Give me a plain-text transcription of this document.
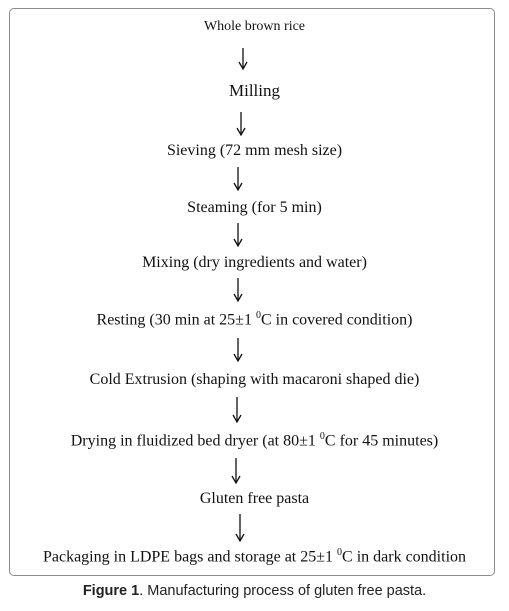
Whole brown rice
Milling
Sieving (72 mm mesh size)
Steaming (for 5 min)
Mixing (dry ingredients and water)
Resting (30 min at 25±1 $^0$C in covered condition)
Cold Extrusion (shaping with macaroni shaped die)
Drying in fluidized bed dryer (at 80±1 $^0$C for 45 minutes)
Gluten free pasta
Packaging in LDPE bags and storage at 25±1 $^0$C in dark condition
Figure 1. Manufacturing process of gluten free pasta.
